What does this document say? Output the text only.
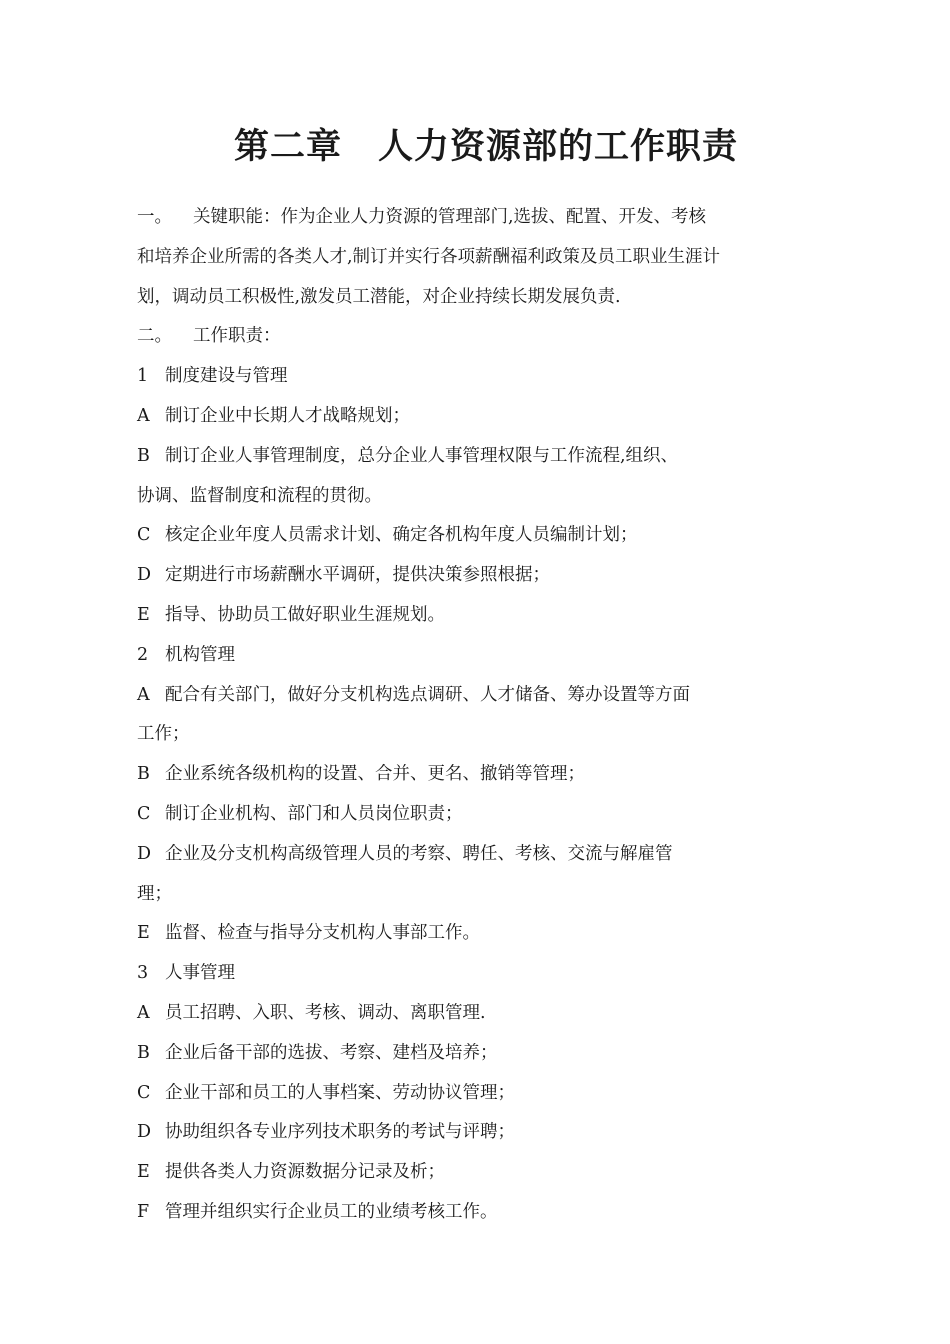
第二章　人力资源部的工作职责
一。 关键职能：作为企业人力资源的管理部门,选拔、配置、开发、考核
和培养企业所需的各类人才,制订并实行各项薪酬福利政策及员工职业生涯计
划，调动员工积极性,激发员工潜能，对企业持续长期发展负责.
二。 工作职责：
1 制度建设与管理
A 制订企业中长期人才战略规划；
B 制订企业人事管理制度，总分企业人事管理权限与工作流程,组织、
协调、监督制度和流程的贯彻。
C 核定企业年度人员需求计划、确定各机构年度人员编制计划；
D 定期进行市场薪酬水平调研，提供决策参照根据；
E 指导、协助员工做好职业生涯规划。
2 机构管理
A 配合有关部门，做好分支机构选点调研、人才储备、筹办设置等方面
工作；
B 企业系统各级机构的设置、合并、更名、撤销等管理；
C 制订企业机构、部门和人员岗位职责；
D 企业及分支机构高级管理人员的考察、聘任、考核、交流与解雇管
理；
E 监督、检查与指导分支机构人事部工作。
3 人事管理
A 员工招聘、入职、考核、调动、离职管理.
B 企业后备干部的选拔、考察、建档及培养；
C 企业干部和员工的人事档案、劳动协议管理；
D 协助组织各专业序列技术职务的考试与评聘；
E 提供各类人力资源数据分记录及析；
F 管理并组织实行企业员工的业绩考核工作。
